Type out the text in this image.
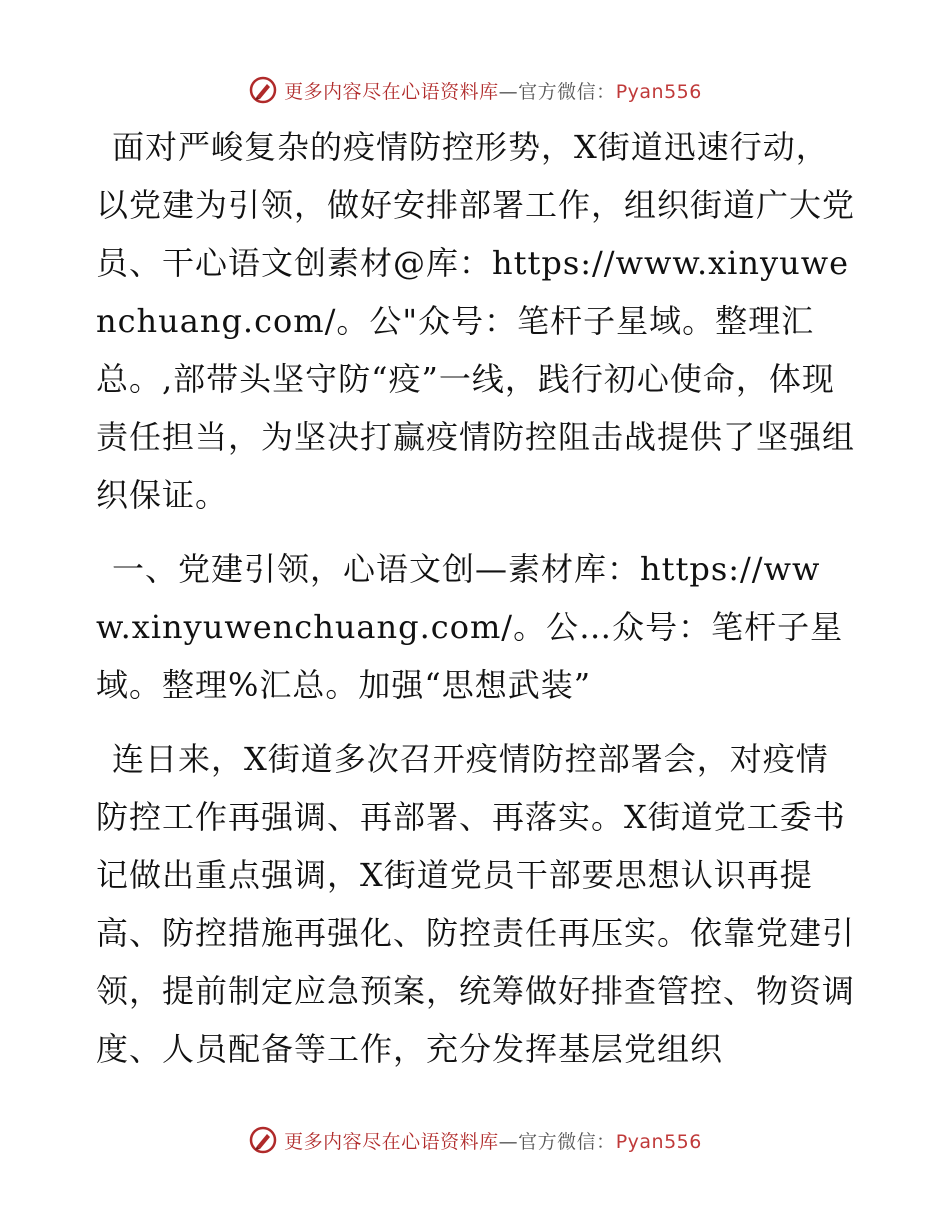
更多内容尽在心语资料库—官方微信：Pyan556

面对严峻复杂的疫情防控形势，X街道迅速行动，以党建为引领，做好安排部署工作，组织街道广大党员、干心语文创素材@库：https://www.xinyuwenchuang.com/。公"众号：笔杆子星域。整理汇总。,部带头坚守防“疫”一线，践行初心使命，体现责任担当，为坚决打赢疫情防控阻击战提供了坚强组织保证。

一、党建引领，心语文创—素材库：https://www.xinyuwenchuang.com/。公…众号：笔杆子星域。整理%汇总。加强“思想武装”

连日来，X街道多次召开疫情防控部署会，对疫情防控工作再强调、再部署、再落实。X街道党工委书记做出重点强调，X街道党员干部要思想认识再提高、防控措施再强化、防控责任再压实。依靠党建引领，提前制定应急预案，统筹做好排查管控、物资调度、人员配备等工作，充分发挥基层党组织

更多内容尽在心语资料库—官方微信：Pyan556
